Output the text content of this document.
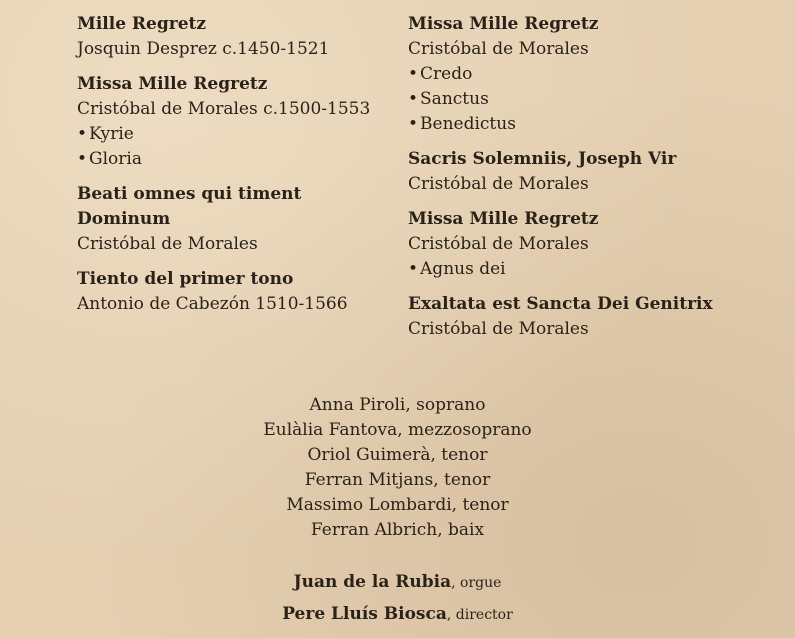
Mille Regretz
Josquin Desprez c.1450-1521
Missa Mille Regretz
Cristóbal de Morales c.1500-1553
• Kyrie
• Gloria
Beati omnes qui timent Dominum
Cristóbal de Morales
Tiento del primer tono
Antonio de Cabezón 1510-1566
Missa Mille Regretz
Cristóbal de Morales
• Credo
• Sanctus
• Benedictus
Sacris Solemniis, Joseph Vir
Cristóbal de Morales
Missa Mille Regretz
Cristóbal de Morales
• Agnus dei
Exaltata est Sancta Dei Genitrix
Cristóbal de Morales
Anna Piroli, soprano
Eulàlia Fantova, mezzosoprano
Oriol Guimerà, tenor
Ferran Mitjans, tenor
Massimo Lombardi, tenor
Ferran Albrich, baix
Juan de la Rubia, orgue
Pere Lluís Biosca, director
